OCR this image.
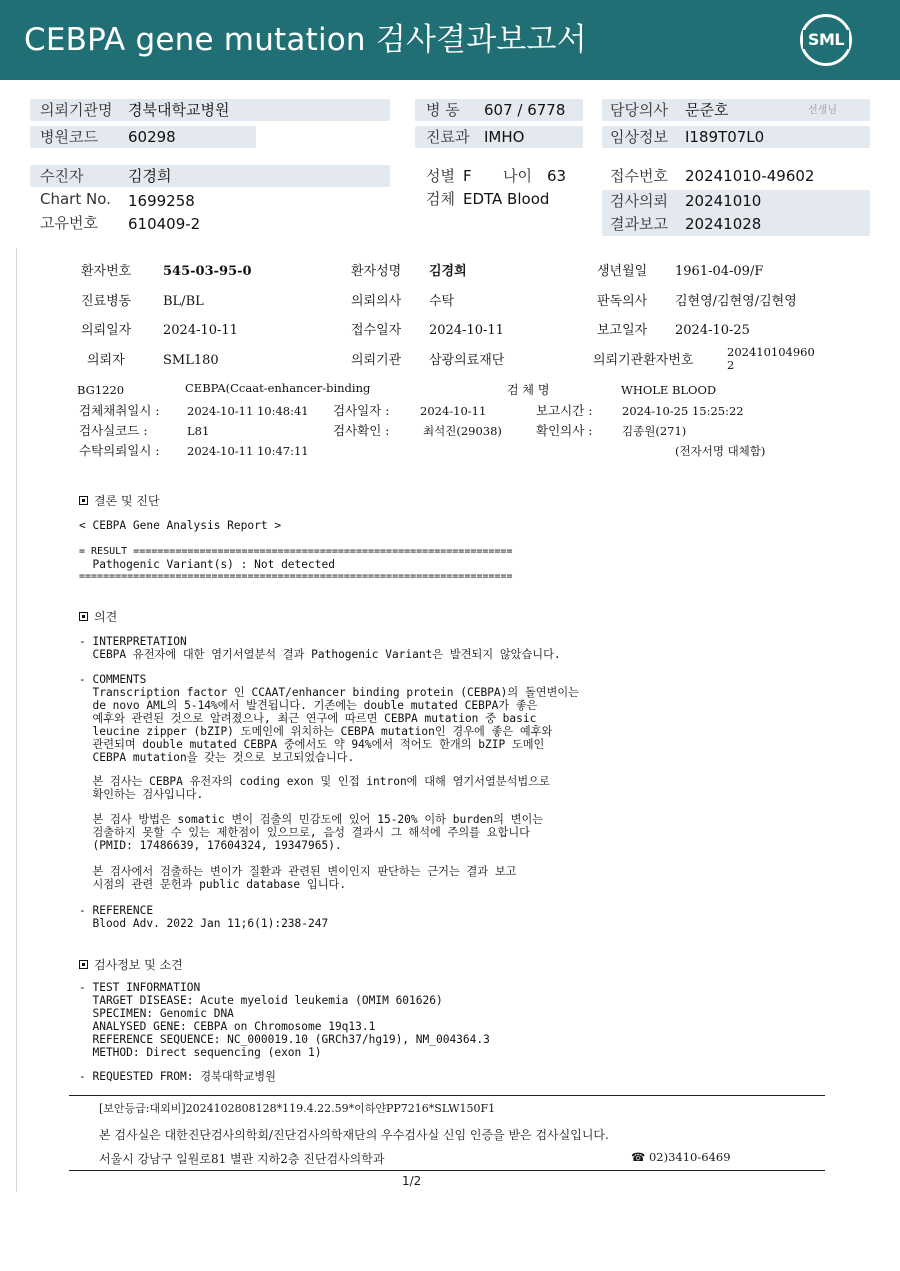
CEBPA gene mutation 검사결과보고서	SML
의뢰기관명 경북대학교병원	병 동 607 / 6778	담당의사 문준호	선생님
병원코드 60298	진료과 IMHO	임상정보 I189T07L0
수진자	김경희	성별 F 나이 63	접수번호 20241010-49602
Chart No. 1699258	검체 EDTA Blood	검사의뢰 20241010
고유번호 610409-2	결과보고 20241028
환자번호 545-03-95-0	환자성명 김경희	생년월일 1961-04-09/F
진료병동 BL/BL	의뢰의사 수탁	판독의사 김현영/김현영/김현영
의뢰일자 2024-10-11	접수일자 2024-10-11	보고일자 2024-10-25
의뢰자	SML180	의뢰기관 삼광의료재단	의뢰기관환자번호
202410104960
2
BG1220	CEBPA(Ccaat-enhancer-binding	검 체 명	WHOLE BLOOD
검체채취일시 : 2024-10-11 10:48:41 검사일자 :	2024-10-11	보고시간 :	2024-10-25 15:25:22
검사실코드 :	L81	검사확인 :	최석진(29038)	확인의사 :	김종원(271)
수탁의뢰일시 : 2024-10-11 10:47:11	(전자서명 대체함)
결론 및 진단
< CEBPA Gene Analysis Report >
= RESULT ===============================================================
Pathogenic Variant(s) : Not detected
========================================================================
의견
- INTERPRETATION
CEBPA 유전자에 대한 염기서열분석 결과 Pathogenic Variant은 발견되지 않았습니다.
- COMMENTS
Transcription factor 인 CCAAT/enhancer binding protein (CEBPA)의 돌연변이는
de novo AML의 5-14%에서 발견됩니다. 기존에는 double mutated CEBPA가 좋은
예후와 관련된 것으로 알려졌으나, 최근 연구에 따르면 CEBPA mutation 중 basic
leucine zipper (bZIP) 도메인에 위치하는 CEBPA mutation인 경우에 좋은 예후와
관련되며 double mutated CEBPA 중에서도 약 94%에서 적어도 한개의 bZIP 도메인
CEBPA mutation을 갖는 것으로 보고되었습니다.
본 검사는 CEBPA 유전자의 coding exon 및 인접 intron에 대해 염기서열분석법으로
확인하는 검사입니다.
본 검사 방법은 somatic 변이 검출의 민감도에 있어 15-20% 이하 burden의 변이는
검출하지 못할 수 있는 제한점이 있으므로, 음성 결과시 그 해석에 주의를 요합니다
(PMID: 17486639, 17604324, 19347965).
본 검사에서 검출하는 변이가 질환과 관련된 변이인지 판단하는 근거는 결과 보고
시점의 관련 문헌과 public database 입니다.
- REFERENCE
Blood Adv. 2022 Jan 11;6(1):238-247
검사정보 및 소견
- TEST INFORMATION
TARGET DISEASE: Acute myeloid leukemia (OMIM 601626)
SPECIMEN: Genomic DNA
ANALYSED GENE: CEBPA on Chromosome 19q13.1
REFERENCE SEQUENCE: NC_000019.10 (GRCh37/hg19), NM_004364.3
METHOD: Direct sequencing (exon 1)
- REQUESTED FROM: 경북대학교병원
[보안등급:대외비]2024102808128*119.4.22.59*이하얀PP7216*SLW150F1
본 검사실은 대한진단검사의학회/진단검사의학재단의 우수검사실 신임 인증을 받은 검사실입니다.
서울시 강남구 일원로81 별관 지하2층 진단검사의학과	☎ 02)3410-6469
1/2
